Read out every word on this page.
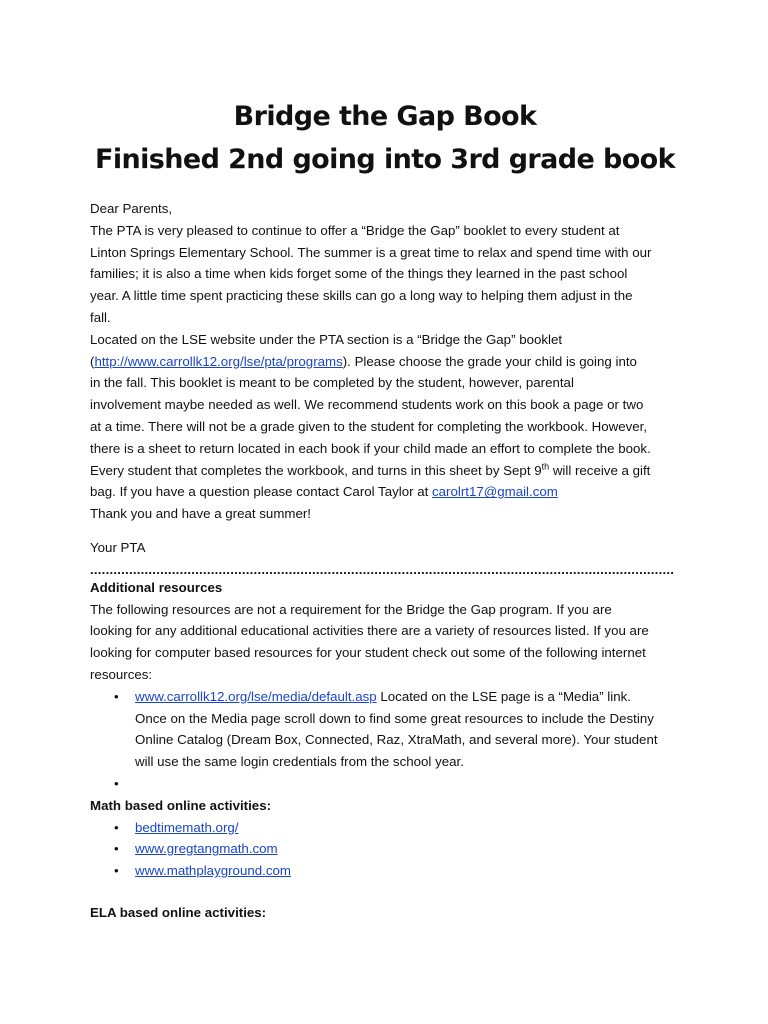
Bridge the Gap Book
Finished 2nd going into 3rd grade book
Dear Parents,
The PTA is very pleased to continue to offer a “Bridge the Gap” booklet to every student at
Linton Springs Elementary School. The summer is a great time to relax and spend time with our
families; it is also a time when kids forget some of the things they learned in the past school
year. A little time spent practicing these skills can go a long way to helping them adjust in the
fall.
Located on the LSE website under the PTA section is a “Bridge the Gap” booklet
(http://www.carrollk12.org/lse/pta/programs). Please choose the grade your child is going into
in the fall. This booklet is meant to be completed by the student, however, parental
involvement maybe needed as well. We recommend students work on this book a page or two
at a time. There will not be a grade given to the student for completing the workbook. However,
there is a sheet to return located in each book if your child made an effort to complete the book.
Every student that completes the workbook, and turns in this sheet by Sept 9th will receive a gift
bag. If you have a question please contact Carol Taylor at carolrt17@gmail.com
Thank you and have a great summer!
Your PTA
......................................................................................................................................................
Additional resources
The following resources are not a requirement for the Bridge the Gap program. If you are
looking for any additional educational activities there are a variety of resources listed. If you are
looking for computer based resources for your student check out some of the following internet
resources:
• www.carrollk12.org/lse/media/default.asp Located on the LSE page is a “Media” link.
Once on the Media page scroll down to find some great resources to include the Destiny
Online Catalog (Dream Box, Connected, Raz, XtraMath, and several more). Your student
will use the same login credentials from the school year.
•

Math based online activities:
• bedtimemath.org/
• www.gregtangmath.com
• www.mathplayground.com
ELA based online activities:
